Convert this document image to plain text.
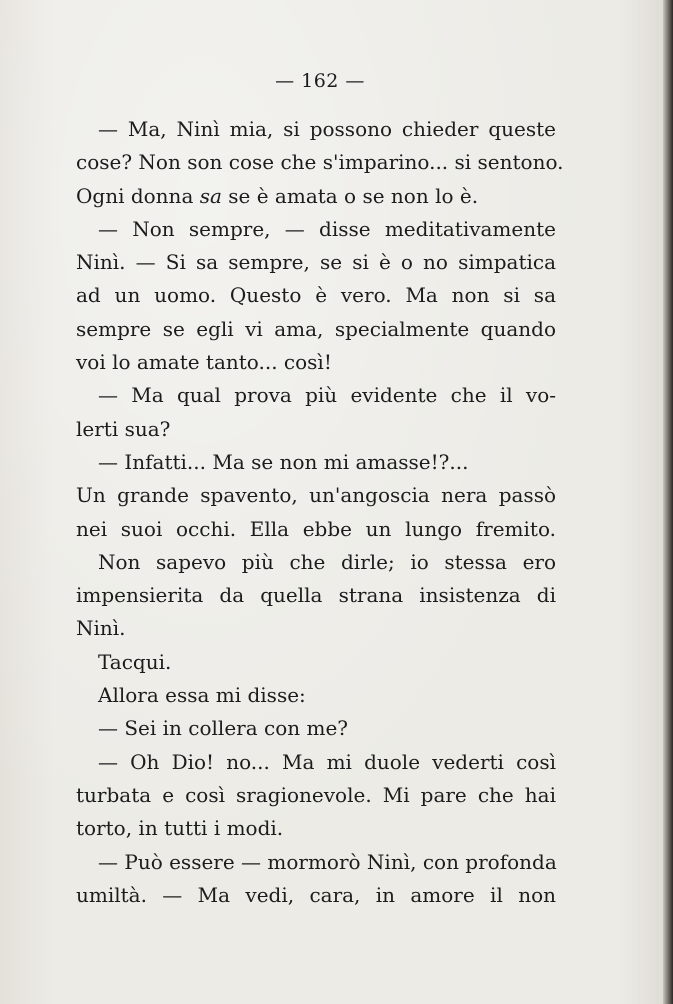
— 162 —
— Ma, Ninì mia, si possono chieder queste
cose? Non son cose che s'imparino... si sentono.
Ogni donna sa se è amata o se non lo è.
— Non sempre, — disse meditativamente
Ninì. — Si sa sempre, se si è o no simpatica
ad un uomo. Questo è vero. Ma non si sa
sempre se egli vi ama, specialmente quando
voi lo amate tanto... così!
— Ma qual prova più evidente che il vo-
lerti sua?
— Infatti... Ma se non mi amasse!?...
Un grande spavento, un'angoscia nera passò
nei suoi occhi. Ella ebbe un lungo fremito.
Non sapevo più che dirle; io stessa ero
impensierita da quella strana insistenza di
Ninì.
Tacqui.
Allora essa mi disse:
— Sei in collera con me?
— Oh Dio! no... Ma mi duole vederti così
turbata e così sragionevole. Mi pare che hai
torto, in tutti i modi.
— Può essere — mormorò Ninì, con profonda
umiltà. — Ma vedi, cara, in amore il non
